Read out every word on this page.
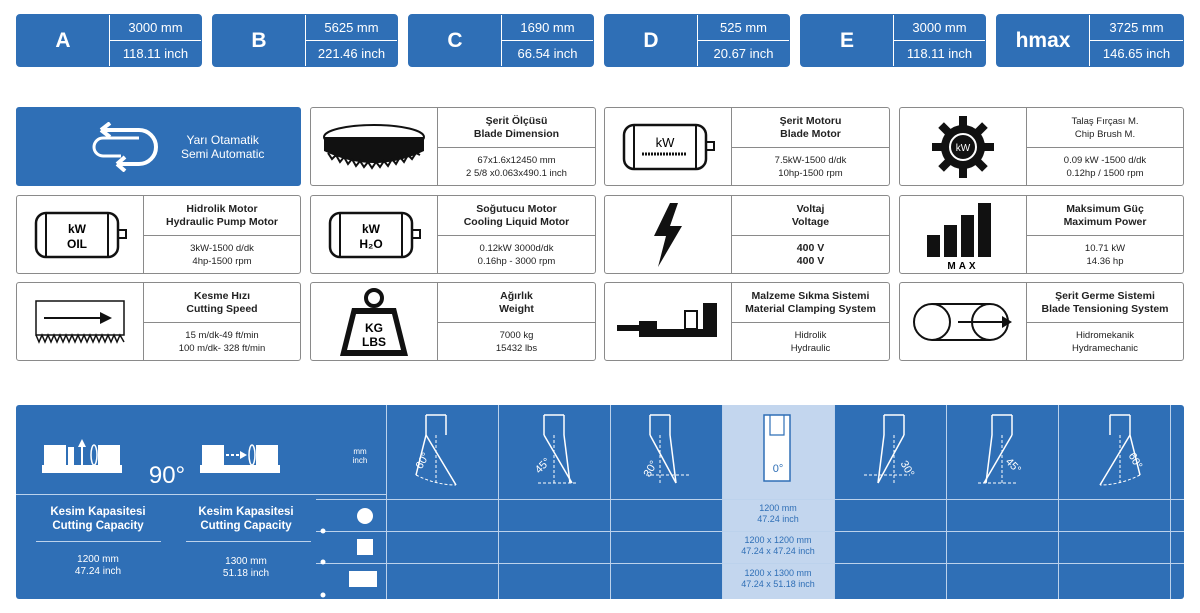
A
3000 mm
118.11 inch
B
5625 mm
221.46 inch
C
1690 mm
66.54 inch
D
525 mm
20.67 inch
E
3000 mm
118.11 inch
hmax
3725 mm
146.65 inch
Yarı Otamatik
Semi Automatic
Şerit Ölçüsü
Blade Dimension
67x1.6x12450 mm
2 5/8 x0.063x490.1 inch
kW
Şerit Motoru
Blade Motor
7.5kW-1500 d/dk
10hp-1500 rpm
kW
Talaş Fırçası M.
Chip Brush M.
0.09 kW -1500 d/dk
0.12hp / 1500 rpm
kW
OIL
Hidrolik Motor
Hydraulic Pump Motor
3kW-1500 d/dk
4hp-1500 rpm
kW
H₂O
Soğutucu Motor
Cooling Liquid Motor
0.12kW 3000d/dk
0.16hp - 3000 rpm
Voltaj
Voltage
400 V
400 V	MAX
Maksimum Güç
Maximum Power
10.71 kW
14.36 hp
Kesme Hızı
Cutting Speed
15 m/dk-49 ft/min
100 m/dk- 328 ft/min
KG
LBS
Ağırlık
Weight
7000 kg
15432 lbs
Malzeme Sıkma Sistemi
Material Clamping System
Hidrolik
Hydraulic
Şerit Germe Sistemi
Blade Tensioning System
Hidromekanik
Hydramechanic
90°
mm
inch
Kesim Kapasitesi
Cutting Capacity
1200 mm
47.24 inch
Kesim Kapasitesi
Cutting Capacity
1300 mm
51.18 inch
60°	45°	30°	0°	30°	45°	60°
1200 mm
47.24 inch
1200 x 1200 mm
47.24 x 47.24 inch
1200 x 1300 mm
47.24 x 51.18 inch
